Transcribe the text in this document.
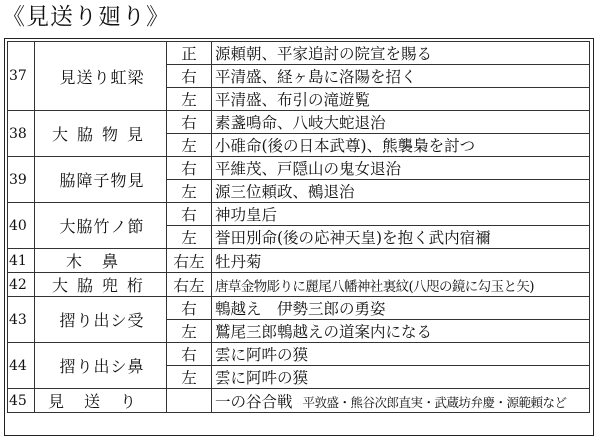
《見送り廻り》
37	見送り虹梁	正	源頼朝、平家追討の院宣を賜る
		右	平清盛、経ヶ島に洛陽を招く
		左	平清盛、布引の滝遊覧
38	大脇物見	右	素盞鳴命、八岐大蛇退治
		左	小碓命(後の日本武尊)、熊襲梟を討つ
39	脇障子物見	右	平維茂、戸隠山の鬼女退治
		左	源三位頼政、鵺退治
40	大脇竹ノ節	右	神功皇后
		左	誉田別命(後の応神天皇)を抱く武内宿禰
41	木鼻	右左	牡丹菊
42	大脇兜桁	右左	唐草金物彫りに麗尾八幡神社裏紋(八咫の鏡に勾玉と矢)
43	摺り出シ受	右	鵯越え　伊勢三郎の勇姿
		左	鷲尾三郎鵯越えの道案内になる
44	摺り出シ鼻	右	雲に阿吽の獏
		左	雲に阿吽の獏
45	見送り		一の谷合戦 平敦盛・熊谷次郎直実・武蔵坊弁慶・源範頼など
